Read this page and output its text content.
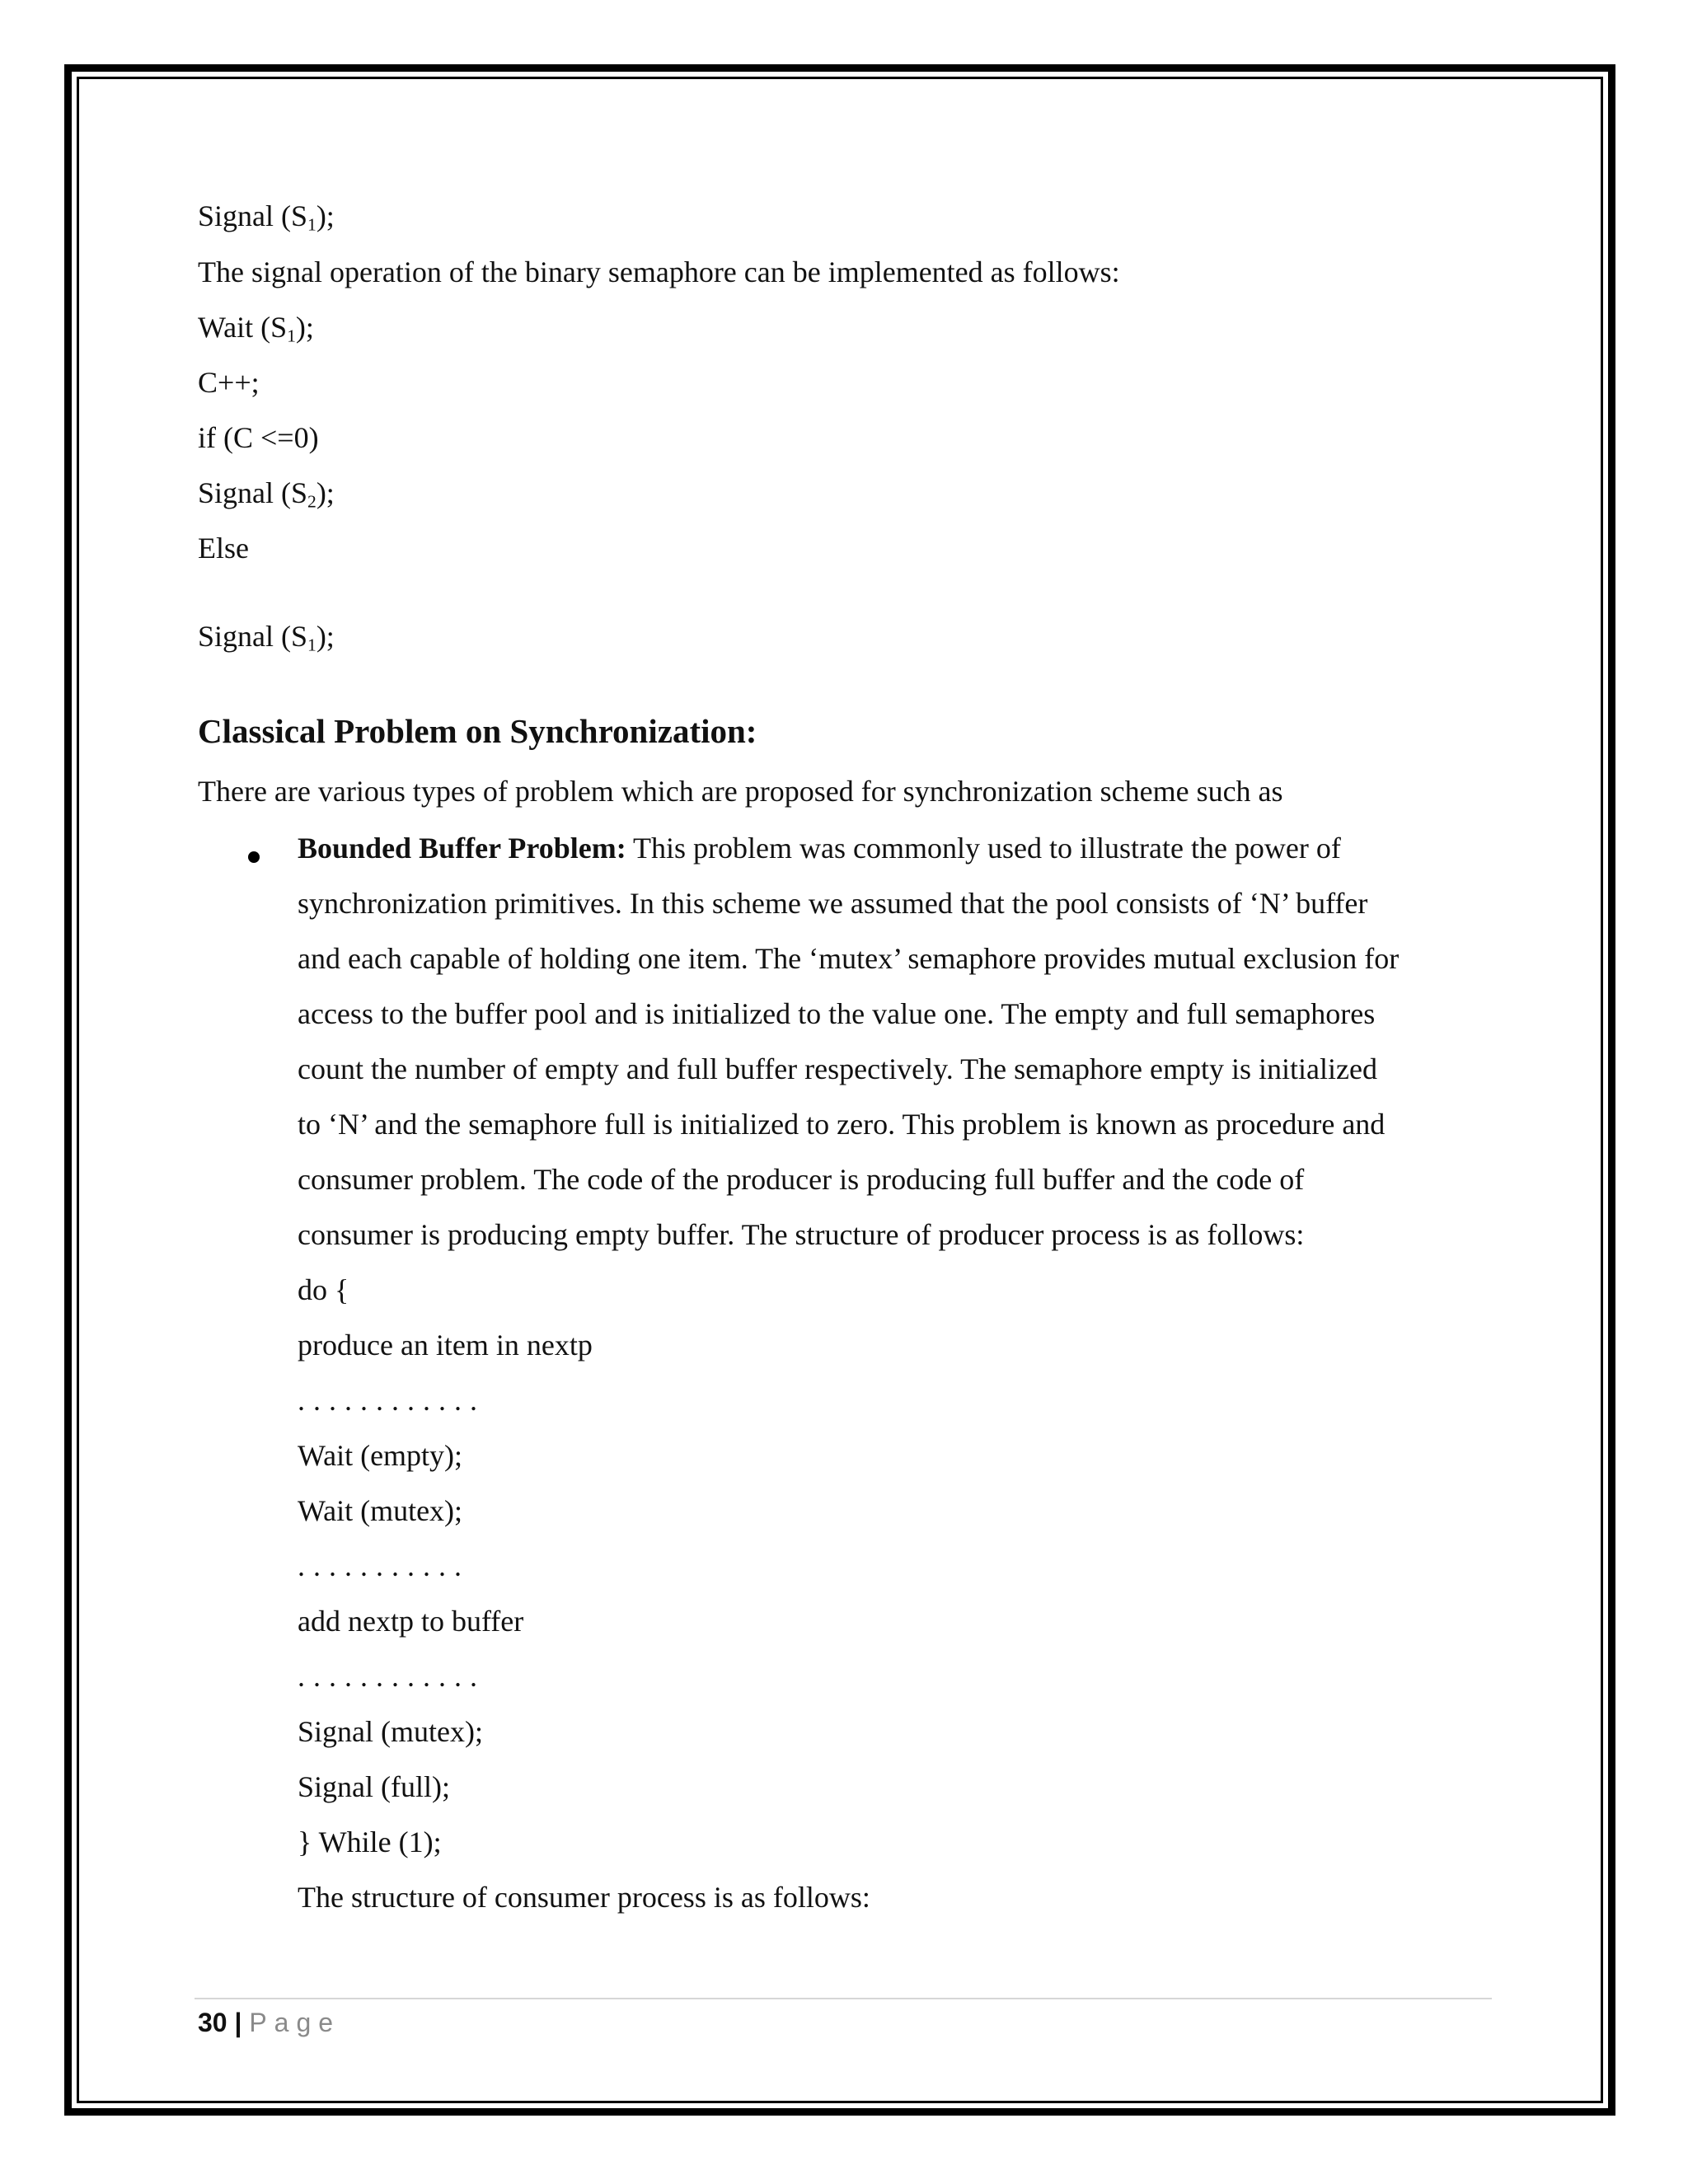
Signal $(S_1)$;
The signal operation of the binary semaphore can be implemented as follows:
Wait $(S_1)$;
C++;
if (C <=0)
Signal $(S_2)$;
Else
Signal $(S_1)$;
Classical Problem on Synchronization:
There are various types of problem which are proposed for synchronization scheme such as
Bounded Buffer Problem: This problem was commonly used to illustrate the power of
synchronization primitives. In this scheme we assumed that the pool consists of ‘N’ buffer
and each capable of holding one item. The ‘mutex’ semaphore provides mutual exclusion for
access to the buffer pool and is initialized to the value one. The empty and full semaphores
count the number of empty and full buffer respectively. The semaphore empty is initialized
to ‘N’ and the semaphore full is initialized to zero. This problem is known as procedure and
consumer problem. The code of the producer is producing full buffer and the code of
consumer is producing empty buffer. The structure of producer process is as follows:
do {
produce an item in nextp
............
Wait (empty);
Wait (mutex);
...........
add nextp to buffer
............
Signal (mutex);
Signal (full);
} While (1);
The structure of consumer process is as follows:
30 | Page
